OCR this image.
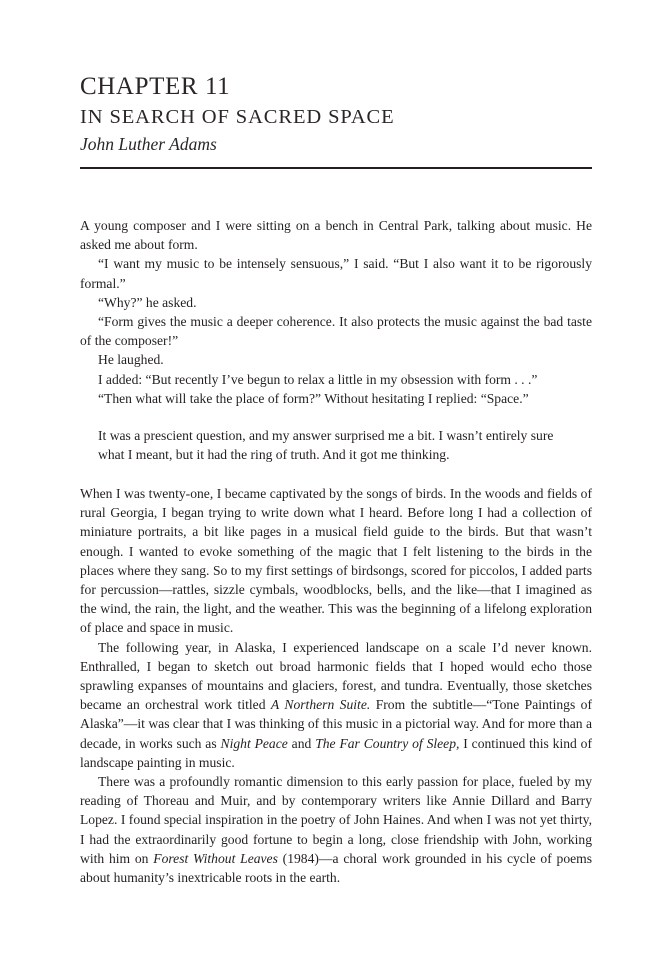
CHAPTER 11
IN SEARCH OF SACRED SPACE
John Luther Adams

A young composer and I were sitting on a bench in Central Park, talking about music. He asked me about form.

“I want my music to be intensely sensuous,” I said. “But I also want it to be rigorously formal.”

“Why?” he asked.

“Form gives the music a deeper coherence. It also protects the music against the bad taste of the composer!”

He laughed.

I added: “But recently I’ve begun to relax a little in my obsession with form . . .”

“Then what will take the place of form?” Without hesitating I replied: “Space.”

It was a prescient question, and my answer surprised me a bit. I wasn’t entirely sure what I meant, but it had the ring of truth. And it got me thinking.

When I was twenty-one, I became captivated by the songs of birds. In the woods and fields of rural Georgia, I began trying to write down what I heard. Before long I had a collection of miniature portraits, a bit like pages in a musical field guide to the birds. But that wasn’t enough. I wanted to evoke something of the magic that I felt listening to the birds in the places where they sang. So to my first settings of birdsongs, scored for piccolos, I added parts for percussion—rattles, sizzle cymbals, woodblocks, bells, and the like—that I imagined as the wind, the rain, the light, and the weather. This was the beginning of a lifelong exploration of place and space in music.

The following year, in Alaska, I experienced landscape on a scale I’d never known. Enthralled, I began to sketch out broad harmonic fields that I hoped would echo those sprawling expanses of mountains and glaciers, forest, and tundra. Eventually, those sketches became an orchestral work titled A Northern Suite. From the subtitle—“Tone Paintings of Alaska”—it was clear that I was thinking of this music in a pictorial way. And for more than a decade, in works such as Night Peace and The Far Country of Sleep, I continued this kind of landscape painting in music.

There was a profoundly romantic dimension to this early passion for place, fueled by my reading of Thoreau and Muir, and by contemporary writers like Annie Dillard and Barry Lopez. I found special inspiration in the poetry of John Haines. And when I was not yet thirty, I had the extraordinarily good fortune to begin a long, close friendship with John, working with him on Forest Without Leaves (1984)—a choral work grounded in his cycle of poems about humanity’s inextricable roots in the earth.
